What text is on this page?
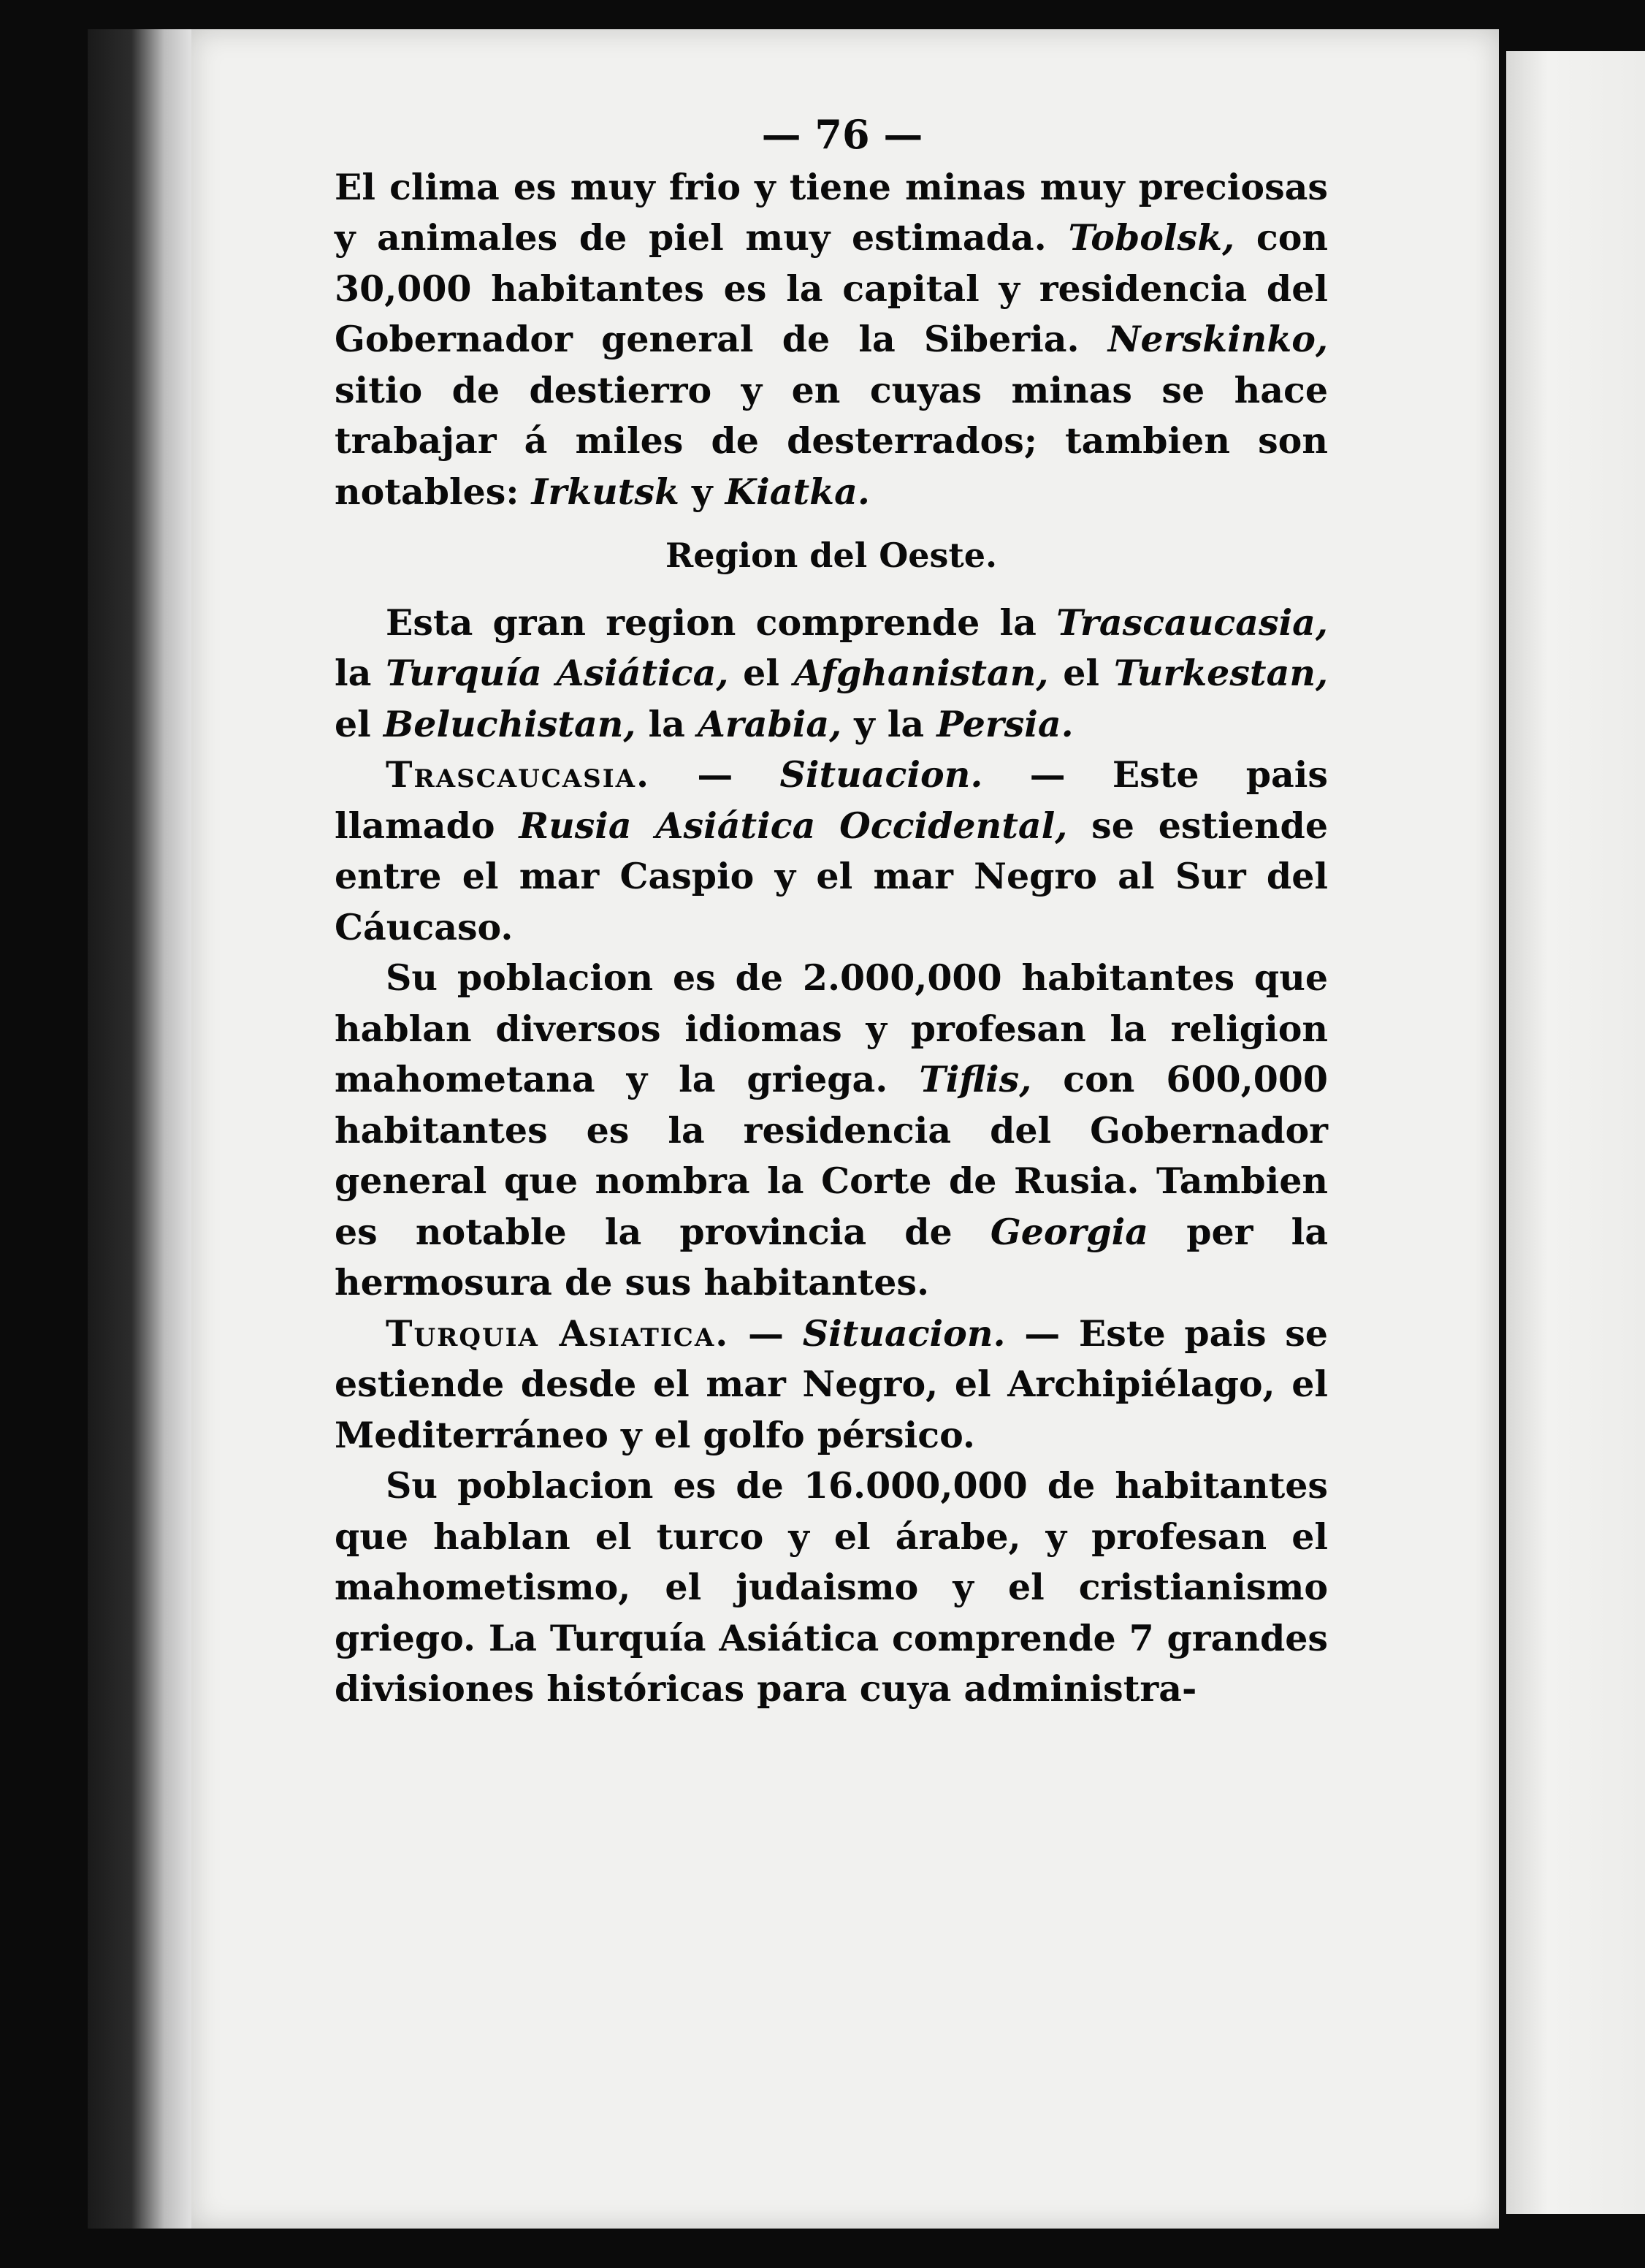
— 76 —

El clima es muy frio y tiene minas muy preciosas y animales de piel muy estimada. Tobolsk, con 30,000 habitantes es la capital y residencia del Gobernador general de la Siberia. Nerskinko, sitio de destierro y en cuyas minas se hace trabajar á miles de desterrados; tambien son notables: Irkutsk y Kiatka.

Region del Oeste.

Esta gran region comprende la Trascaucasia, la Turquía Asiática, el Afghanistan, el Turkestan, el Beluchistan, la Arabia, y la Persia.

Trascaucasia. — Situacion. — Este pais llamado Rusia Asiática Occidental, se estiende entre el mar Caspio y el mar Negro al Sur del Cáucaso.

Su poblacion es de 2.000,000 habitantes que hablan diversos idiomas y profesan la religion mahometana y la griega. Tiflis, con 600,000 habitantes es la residencia del Gobernador general que nombra la Corte de Rusia. Tambien es notable la provincia de Georgia per la hermosura de sus habitantes.

Turquia Asiatica. — Situacion. — Este pais se estiende desde el mar Negro, el Archipiélago, el Mediterráneo y el golfo pérsico.

Su poblacion es de 16.000,000 de habitantes que hablan el turco y el árabe, y profesan el mahometismo, el judaismo y el cristianismo griego. La Turquía Asiática comprende 7 grandes divisiones históricas para cuya administra-
